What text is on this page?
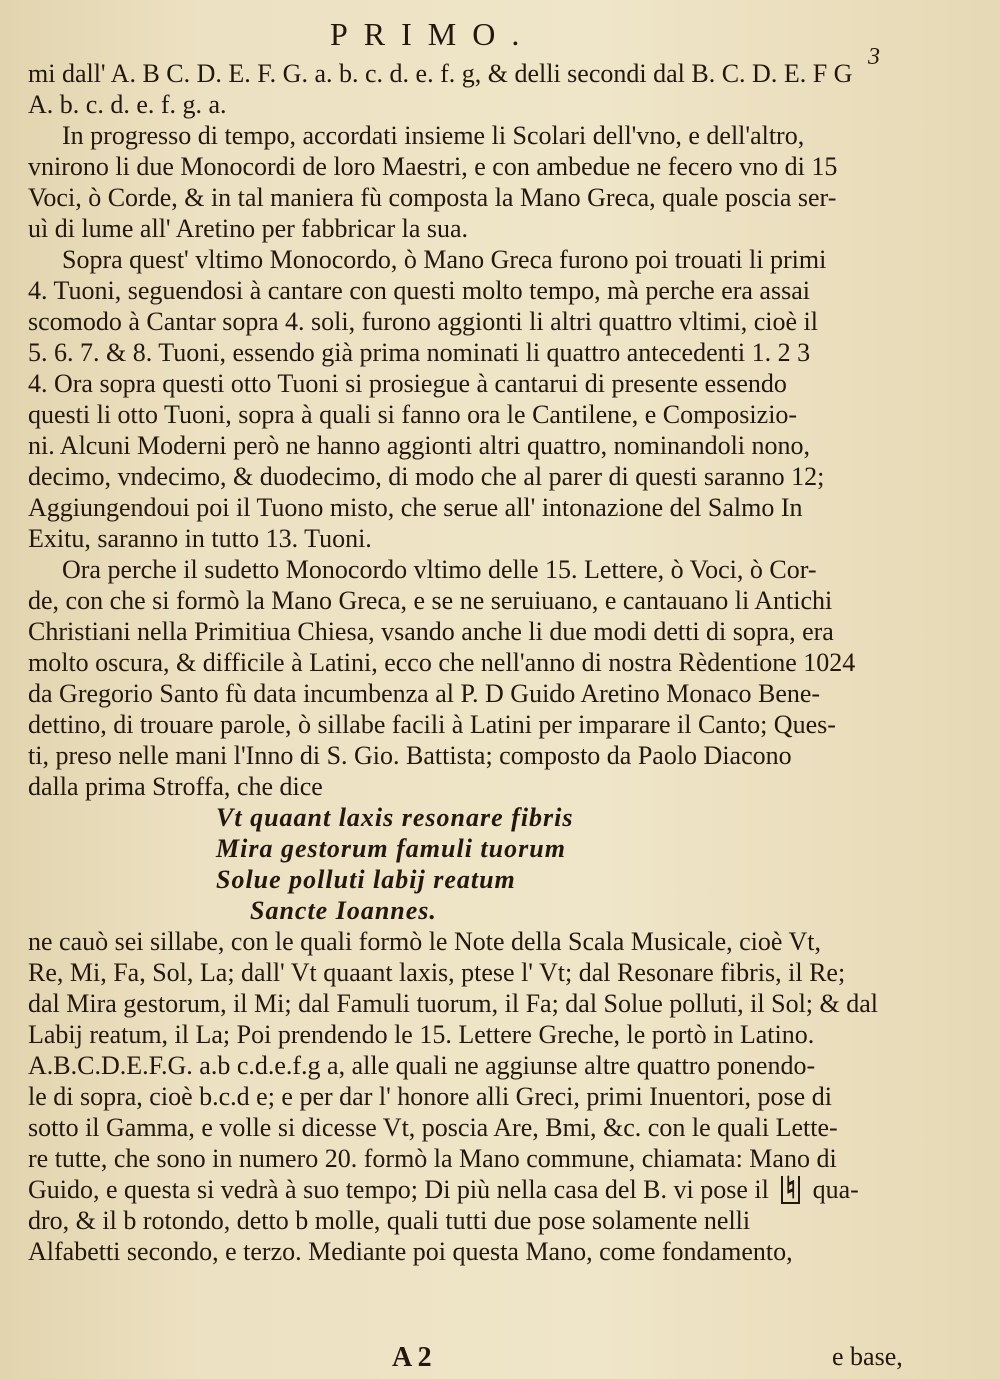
PRIMO.
3
mi dall' A. B C. D. E. F. G. a. b. c. d. e. f. g, & delli secondi dal B. C. D. E. F G
A. b. c. d. e. f. g. a.
In progresso di tempo, accordati insieme li Scolari dell'vno, e dell'altro,
vnirono li due Monocordi de loro Maestri, e con ambedue ne fecero vno di 15
Voci, ò Corde, & in tal maniera fù composta la Mano Greca, quale poscia ser-
uì di lume all' Aretino per fabbricar la sua.
Sopra quest' vltimo Monocordo, ò Mano Greca furono poi trouati li primi
4. Tuoni, seguendosi à cantare con questi molto tempo, mà perche era assai
scomodo à Cantar sopra 4. soli, furono aggionti li altri quattro vltimi, cioè il
5. 6. 7. & 8. Tuoni, essendo già prima nominati li quattro antecedenti 1. 2 3
4. Ora sopra questi otto Tuoni si prosiegue à cantarui di presente essendo
questi li otto Tuoni, sopra à quali si fanno ora le Cantilene, e Composizio-
ni. Alcuni Moderni però ne hanno aggionti altri quattro, nominandoli nono,
decimo, vndecimo, & duodecimo, di modo che al parer di questi saranno 12;
Aggiungendoui poi il Tuono misto, che serue all' intonazione del Salmo In
Exitu, saranno in tutto 13. Tuoni.
Ora perche il sudetto Monocordo vltimo delle 15. Lettere, ò Voci, ò Cor-
de, con che si formò la Mano Greca, e se ne seruiuano, e cantauano li Antichi
Christiani nella Primitiua Chiesa, vsando anche li due modi detti di sopra, era
molto oscura, & difficile à Latini, ecco che nell'anno di nostra Rèdentione 1024
da Gregorio Santo fù data incumbenza al P. D Guido Aretino Monaco Bene-
dettino, di trouare parole, ò sillabe facili à Latini per imparare il Canto; Ques-
ti, preso nelle mani l'Inno di S. Gio. Battista; composto da Paolo Diacono
dalla prima Stroffa, che dice
Vt quaant laxis resonare fibris
Mira gestorum famuli tuorum
Solue polluti labij reatum
Sancte Ioannes.
ne cauò sei sillabe, con le quali formò le Note della Scala Musicale, cioè Vt,
Re, Mi, Fa, Sol, La; dall' Vt quaant laxis, ptese l' Vt; dal Resonare fibris, il Re;
dal Mira gestorum, il Mi; dal Famuli tuorum, il Fa; dal Solue polluti, il Sol; & dal
Labij reatum, il La; Poi prendendo le 15. Lettere Greche, le portò in Latino.
A.B.C.D.E.F.G. a.b c.d.e.f.g a, alle quali ne aggiunse altre quattro ponendo-
le di sopra, cioè b.c.d e; e per dar l' honore alli Greci, primi Inuentori, pose di
sotto il Gamma, e volle si dicesse Vt, poscia Are, Bmi, &c. con le quali Lette-
re tutte, che sono in numero 20. formò la Mano commune, chiamata: Mano di
Guido, e questa si vedrà à suo tempo; Di più nella casa del B. vi pose il ♮ qua-
dro, & il b rotondo, detto b molle, quali tutti due pose solamente nelli
Alfabetti secondo, e terzo. Mediante poi questa Mano, come fondamento,
A 2	e base,
